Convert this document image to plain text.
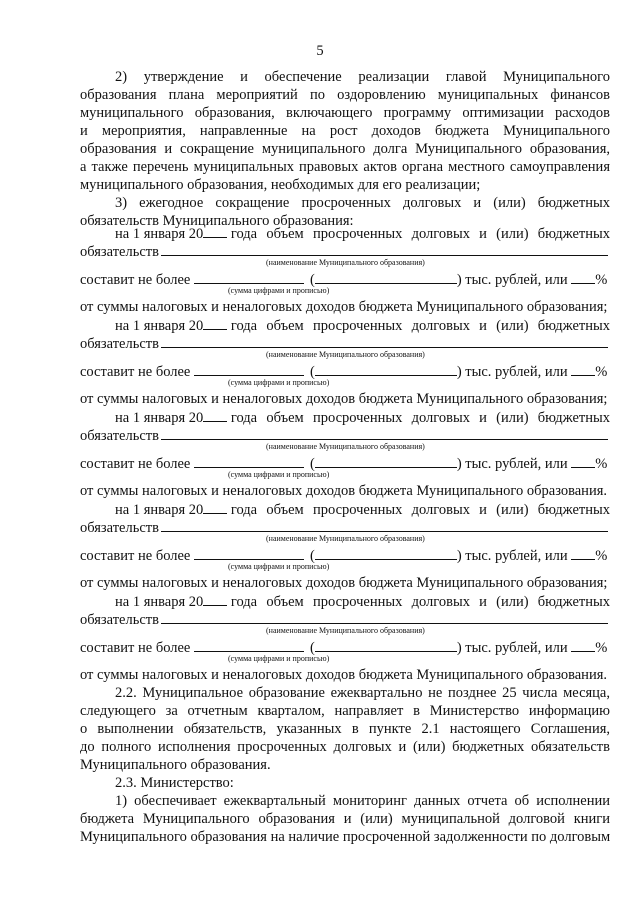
5
2) утверждение и обеспечение реализации главой Муниципального
образования плана мероприятий по оздоровлению муниципальных финансов
муниципального образования, включающего программу оптимизации расходов
и мероприятия, направленные на рост доходов бюджета Муниципального
образования и сокращение муниципального долга Муниципального образования,
а также перечень муниципальных правовых актов органа местного самоуправления
муниципального образования, необходимых для его реализации;
3) ежегодное сокращение просроченных долговых и (или) бюджетных
обязательств Муниципального образования:
на 1 января 20
года объем просроченных долговых и (или) бюджетных
обязательств
(наименование Муниципального образования)
составит не более
	(	) тыс. рублей, или
%
(сумма цифрами и прописью)
от суммы налоговых и неналоговых доходов бюджета Муниципального образования;
на 1 января 20
года объем просроченных долговых и (или) бюджетных
обязательств
(наименование Муниципального образования)
составит не более
	(	) тыс. рублей, или
%
(сумма цифрами и прописью)
от суммы налоговых и неналоговых доходов бюджета Муниципального образования;
на 1 января 20
года объем просроченных долговых и (или) бюджетных
обязательств
(наименование Муниципального образования)
составит не более
	(	) тыс. рублей, или
%
(сумма цифрами и прописью)
от суммы налоговых и неналоговых доходов бюджета Муниципального образования.
на 1 января 20
года объем просроченных долговых и (или) бюджетных
обязательств
(наименование Муниципального образования)
составит не более
	(	) тыс. рублей, или
%
(сумма цифрами и прописью)
от суммы налоговых и неналоговых доходов бюджета Муниципального образования;
на 1 января 20
года объем просроченных долговых и (или) бюджетных
обязательств
(наименование Муниципального образования)
составит не более
	(	) тыс. рублей, или
%
(сумма цифрами и прописью)
от суммы налоговых и неналоговых доходов бюджета Муниципального образования.
2.2. Муниципальное образование ежеквартально не позднее 25 числа месяца,
следующего за отчетным кварталом, направляет в Министерство информацию
о выполнении обязательств, указанных в пункте 2.1 настоящего Соглашения,
до полного исполнения просроченных долговых и (или) бюджетных обязательств
Муниципального образования.
2.3. Министерство:
1) обеспечивает ежеквартальный мониторинг данных отчета об исполнении
бюджета Муниципального образования и (или) муниципальной долговой книги
Муниципального образования на наличие просроченной задолженности по долговым
